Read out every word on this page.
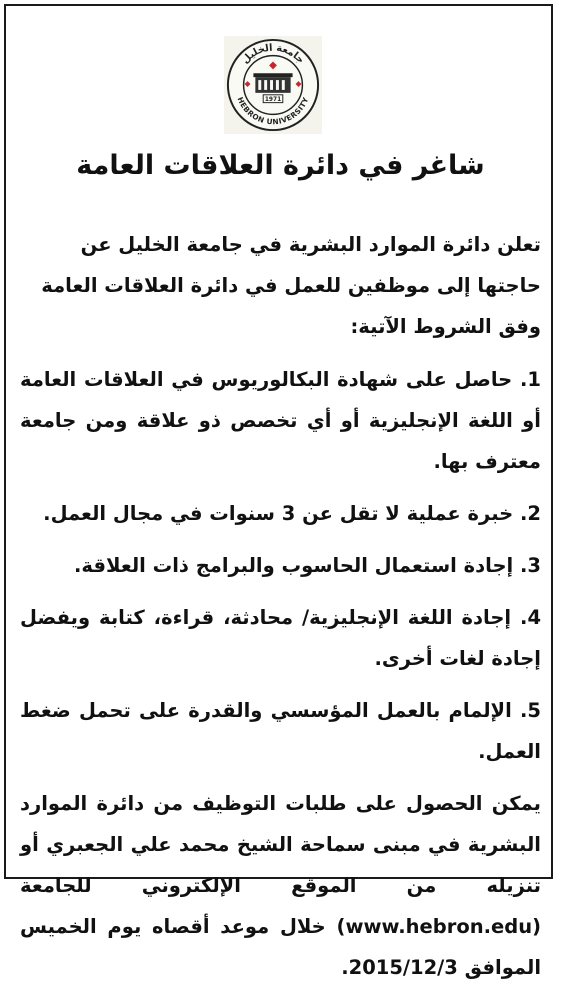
جامعة الخليل
HEBRON UNIVERSITY
1971
شاغر في دائرة العلاقات العامة

تعلن دائرة الموارد البشرية في جامعة الخليل عن حاجتها إلى موظفين للعمل في دائرة العلاقات العامة وفق الشروط الآتية:

1. حاصل على شهادة البكالوريوس في العلاقات العامة أو اللغة الإنجليزية أو أي تخصص ذو علاقة ومن جامعة معترف بها.

2. خبرة عملية لا تقل عن 3 سنوات في مجال العمل.

3. إجادة استعمال الحاسوب والبرامج ذات العلاقة.

4. إجادة اللغة الإنجليزية/ محادثة، قراءة، كتابة ويفضل إجادة لغات أخرى.

5. الإلمام بالعمل المؤسسي والقدرة على تحمل ضغط العمل.

يمكن الحصول على طلبات التوظيف من دائرة الموارد البشرية في مبنى سماحة الشيخ محمد علي الجعبري أو تنزيله من الموقع الإلكتروني للجامعة (www.hebron.edu) خلال موعد أقصاه يوم الخميس الموافق 2015/12/3.
